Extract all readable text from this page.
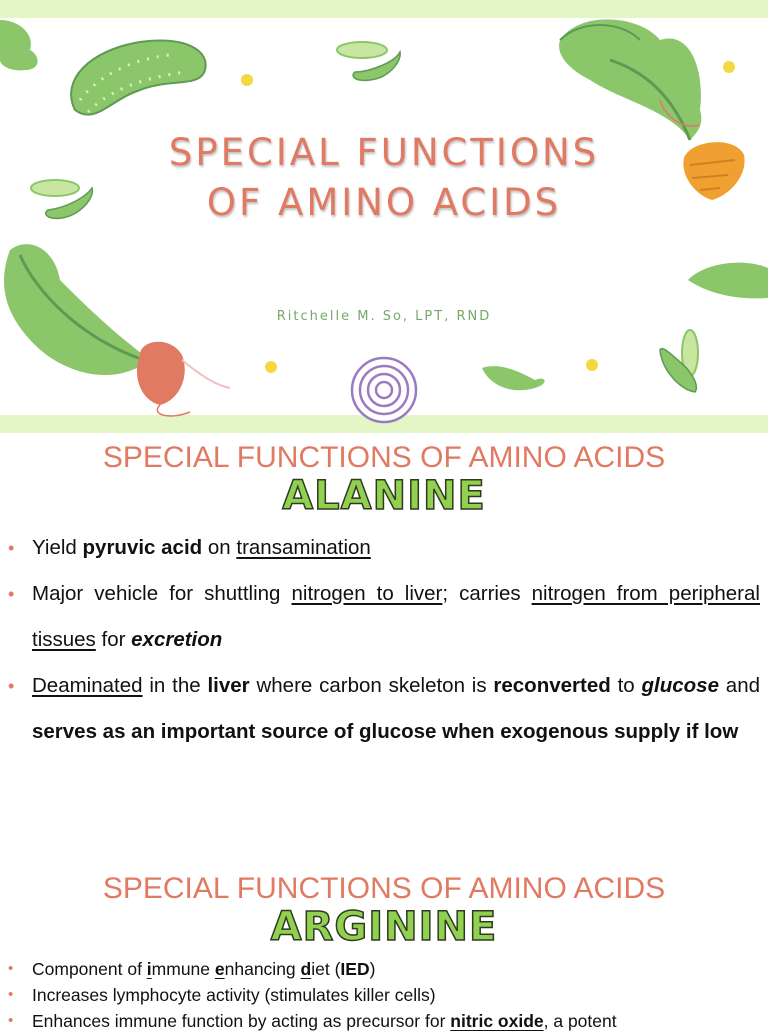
SPECIAL FUNCTIONS
OF AMINO ACIDS
Ritchelle M. So, LPT, RND
SPECIAL FUNCTIONS OF AMINO ACIDS
ALANINE
• Yield pyruvic acid on transamination
• Major vehicle for shuttling nitrogen to liver; carries nitrogen from peripheral tissues for excretion
• Deaminated in the liver where carbon skeleton is reconverted to glucose and serves as an important source of glucose when exogenous supply if low
SPECIAL FUNCTIONS OF AMINO ACIDS
ARGININE
• Component of immune enhancing diet (IED)
• Increases lymphocyte activity (stimulates killer cells)
• Enhances immune function by acting as precursor for nitric oxide, a potent
